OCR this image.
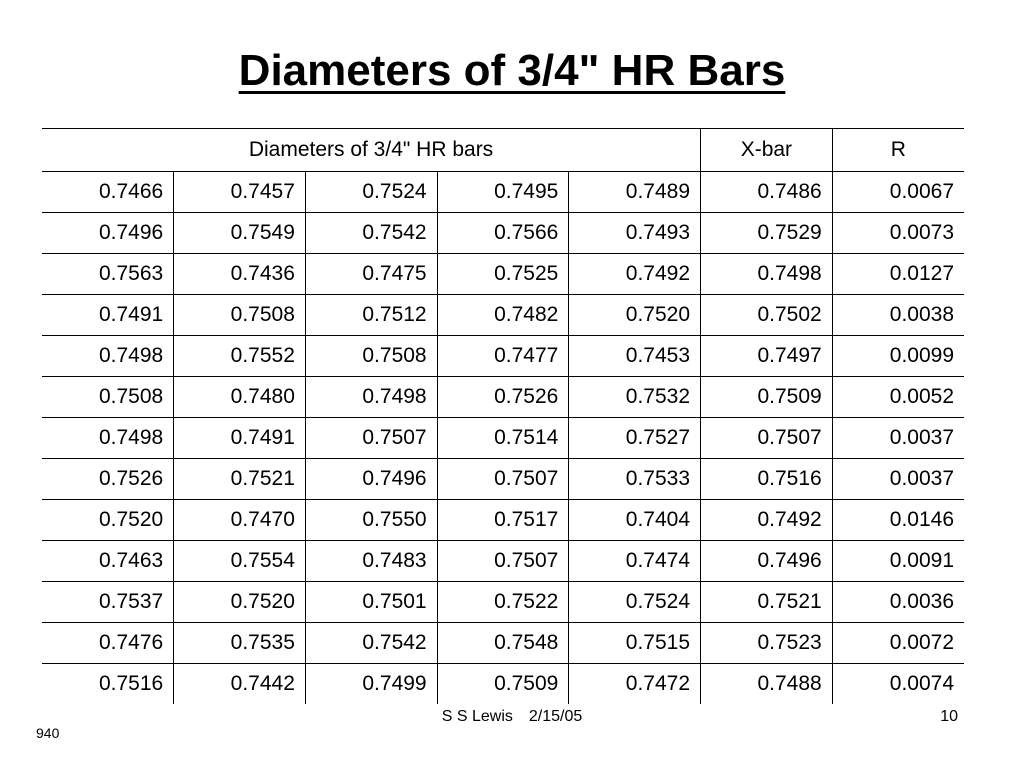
Diameters of 3/4" HR Bars
Diameters of 3/4" HR bars					X-bar	R
0.7466	0.7457	0.7524	0.7495	0.7489	0.7486	0.0067
0.7496	0.7549	0.7542	0.7566	0.7493	0.7529	0.0073
0.7563	0.7436	0.7475	0.7525	0.7492	0.7498	0.0127
0.7491	0.7508	0.7512	0.7482	0.7520	0.7502	0.0038
0.7498	0.7552	0.7508	0.7477	0.7453	0.7497	0.0099
0.7508	0.7480	0.7498	0.7526	0.7532	0.7509	0.0052
0.7498	0.7491	0.7507	0.7514	0.7527	0.7507	0.0037
0.7526	0.7521	0.7496	0.7507	0.7533	0.7516	0.0037
0.7520	0.7470	0.7550	0.7517	0.7404	0.7492	0.0146
0.7463	0.7554	0.7483	0.7507	0.7474	0.7496	0.0091
0.7537	0.7520	0.7501	0.7522	0.7524	0.7521	0.0036
0.7476	0.7535	0.7542	0.7548	0.7515	0.7523	0.0072
0.7516	0.7442	0.7499	0.7509	0.7472	0.7488	0.0074
S S Lewis 2/15/05	10
940
